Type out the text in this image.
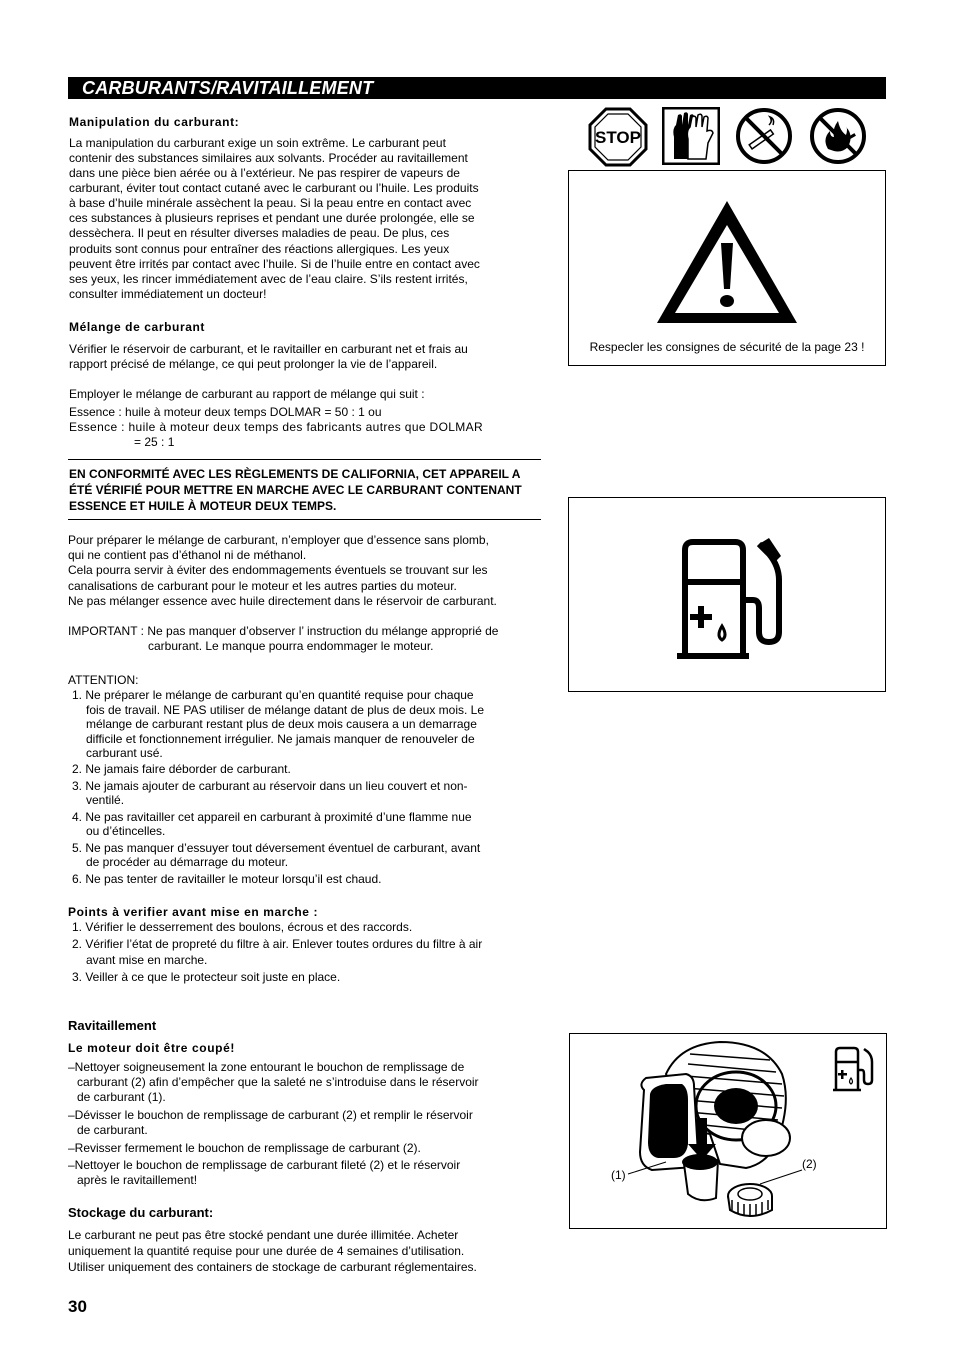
CARBURANTS/RAVITAILLEMENT
Manipulation du carburant:
La manipulation du carburant exige un soin extrême. Le carburant peut
contenir des substances similaires aux solvants. Procéder au ravitaillement
dans une pièce bien aérée ou à l’extérieur. Ne pas respirer de vapeurs de
carburant, éviter tout contact cutané avec le carburant ou l’huile. Les produits
à base d’huile minérale assèchent la peau. Si la peau entre en contact avec
ces substances à plusieurs reprises et pendant une durée prolongée, elle se
dessèchera. Il peut en résulter diverses maladies de peau. De plus, ces
produits sont connus pour entraîner des réactions allergiques. Les yeux
peuvent être irrités par contact avec l’huile. Si de l’huile entre en contact avec
ses yeux, les rincer immédiatement avec de l’eau claire. S’ils restent irrités,
consulter immédiatement un docteur!
Mélange de carburant
Vérifier le réservoir de carburant, et le ravitailler en carburant net et frais au
rapport précisé de mélange, ce qui peut prolonger la vie de l’appareil.
Employer le mélange de carburant au rapport de mélange qui suit :
Essence : huile à moteur deux temps DOLMAR = 50 : 1 ou
Essence : huile à moteur deux temps des fabricants autres que DOLMAR
= 25 : 1
EN CONFORMITÉ AVEC LES RÈGLEMENTS DE CALIFORNIA, CET APPAREIL A
ÉTÉ VÉRIFIÉ POUR METTRE EN MARCHE AVEC LE CARBURANT CONTENANT
ESSENCE ET HUILE À MOTEUR DEUX TEMPS.
Pour préparer le mélange de carburant, n’employer que d’essence sans plomb,
qui ne contient pas d’éthanol ni de méthanol.
Cela pourra servir à éviter des endommagements éventuels se trouvant sur les
canalisations de carburant pour le moteur et les autres parties du moteur.
Ne pas mélanger essence avec huile directement dans le réservoir de carburant.
IMPORTANT : Ne pas manquer d’observer l’ instruction du mélange approprié de
carburant. Le manque pourra endommager le moteur.
ATTENTION:
1. Ne préparer le mélange de carburant qu’en quantité requise pour chaque
fois de travail. NE PAS utiliser de mélange datant de plus de deux mois. Le
mélange de carburant restant plus de deux mois causera a un demarrage
difficile et fonctionnement irrégulier. Ne jamais manquer de renouveler de
carburant usé.
2. Ne jamais faire déborder de carburant.
3. Ne jamais ajouter de carburant au réservoir dans un lieu couvert et non-
ventilé.
4. Ne pas ravitailler cet appareil en carburant à proximité d’une flamme nue
ou d’étincelles.
5. Ne pas manquer d’essuyer tout déversement éventuel de carburant, avant
de procéder au démarrage du moteur.
6. Ne pas tenter de ravitailler le moteur lorsqu’il est chaud.
Points à verifier avant mise en marche :
1. Vérifier le desserrement des boulons, écrous et des raccords.
2. Vérifier l’état de propreté du filtre à air. Enlever toutes ordures du filtre à air
avant mise en marche.
3. Veiller à ce que le protecteur soit juste en place.
Ravitaillement
Le moteur doit être coupé!
–Nettoyer soigneusement la zone entourant le bouchon de remplissage de
carburant (2) afin d’empêcher que la saleté ne s’introduise dans le réservoir
de carburant (1).
–Dévisser le bouchon de remplissage de carburant (2) et remplir le réservoir
de carburant.
–Revisser fermement le bouchon de remplissage de carburant (2).
–Nettoyer le bouchon de remplissage de carburant fileté (2) et le réservoir
après le ravitaillement!
Stockage du carburant:
Le carburant ne peut pas être stocké pendant une durée illimitée. Acheter
uniquement la quantité requise pour une durée de 4 semaines d’utilisation.
Utiliser uniquement des containers de stockage de carburant réglementaires.
30
STOP
Respecler les consignes de sécurité de la page 23 !
(1)
(2)
